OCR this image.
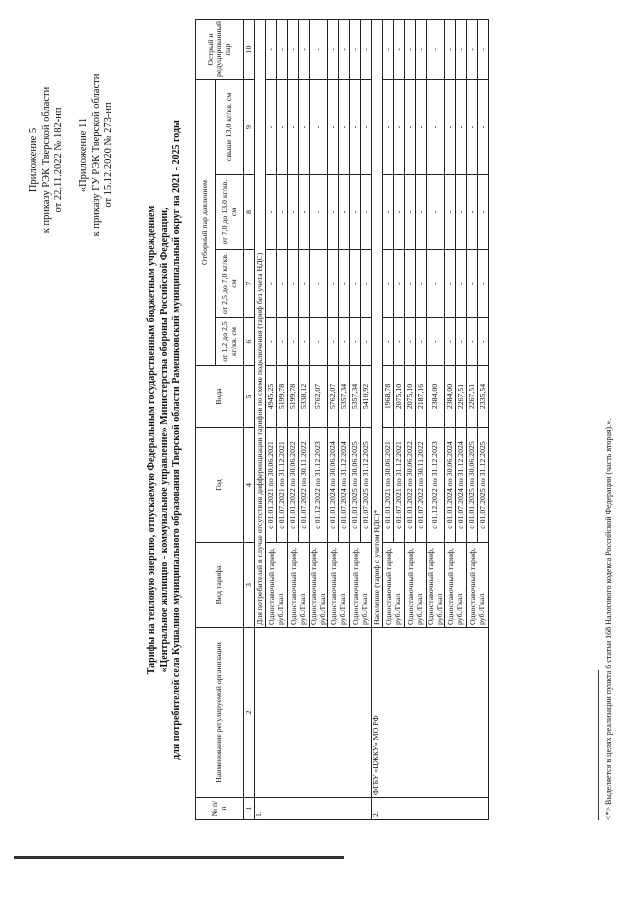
Приложение 5 к приказу РЭК Тверской области от 22.11.2022 № 182-нп «Приложение 11 к приказу ГУ РЭК Тверской области от 15.12.2020 № 273-нп
Тарифы на тепловую энергию, отпускаемую Федеральным государственным бюджетным учреждением «Центральное жилищно - коммунальное управление» Министерства обороны Российской Федерации, для потребителей села Кушалино муниципального образования Тверской области Рамешковский муниципальный округ на 2021 - 2025 годы
№ п/ п	Наименование регулируемой организации	Вид тарифа	Год	Вода	Отборный пар давлением				Острый и редуцированный пар
					от 1,2 до 2,5 кг/кв. см	от 2,5 до 7,0 кг/кв. см	от 7,0 до 13,0 кг/кв. см	свыше 13,0 кг/кв. см	
1	2	3	4	5	6	7	8	9	10
1.		Для потребителей в случае отсутствия дифференциации тарифов по схеме подключения (тариф без учета НДС)							
		Одноставочный тариф, руб./Гкал	с 01.01.2021 по 30.06.2021	4945,25	-	-	-	-	-
			с 01.07.2021 по 31.12.2021	5199,78	-	-	-	-	-
		Одноставочный тариф, руб./Гкал	с 01.01.2022 по 30.06.2022	5199,78	-	-	-	-	-
			с 01.07.2022 по 30.11.2022	5338,12	-	-	-	-	-
		Одноставочный тариф, руб./Гкал	с 01.12.2022 по 31.12.2023	5762,07	-	-	-	-	-
		Одноставочный тариф, руб./Гкал	с 01.01.2024 по 30.06.2024	5762,07	-	-	-	-	-
			с 01.07.2024 по 31.12.2024	5357,34	-	-	-	-	-
		Одноставочный тариф, руб./Гкал	с 01.01.2025 по 30.06.2025	5357,34	-	-	-	-	-
			с 01.07.2025 по 31.12.2025	5410,92	-	-	-	-	-
2.	ФГБУ «ЦЖКУ» МО РФ	Население (тариф с учетом НДС)*							
		Одноставочный тариф, руб./Гкал	с 01.01.2021 по 30.06.2021	1968,78	-	-	-	-	-
			с 01.07.2021 по 31.12.2021	2075,10	-	-	-	-	-
		Одноставочный тариф, руб./Гкал	с 01.01.2022 по 30.06.2022	2075,10	-	-	-	-	-
			с 01.07.2022 по 30.11.2022	2187,16	-	-	-	-	-
		Одноставочный тариф, руб./Гкал	с 01.12.2022 по 31.12.2023	2384,00	-	-	-	-	-
		Одноставочный тариф, руб./Гкал	с 01.01.2024 по 30.06.2024	2384,00	-	-	-	-	-
			с 01.07.2024 по 31.12.2024	2267,51	-	-	-	-	-
		Одноставочный тариф, руб./Гкал	с 01.01.2025 по 30.06.2025	2267,51	-	-	-	-	-
			с 01.07.2025 по 31.12.2025	2335,54	-	-	-	-	-
<*> Выделяется в целях реализации пункта 6 статьи 168 Налогового кодекса Российской Федерации (часть вторая).».
